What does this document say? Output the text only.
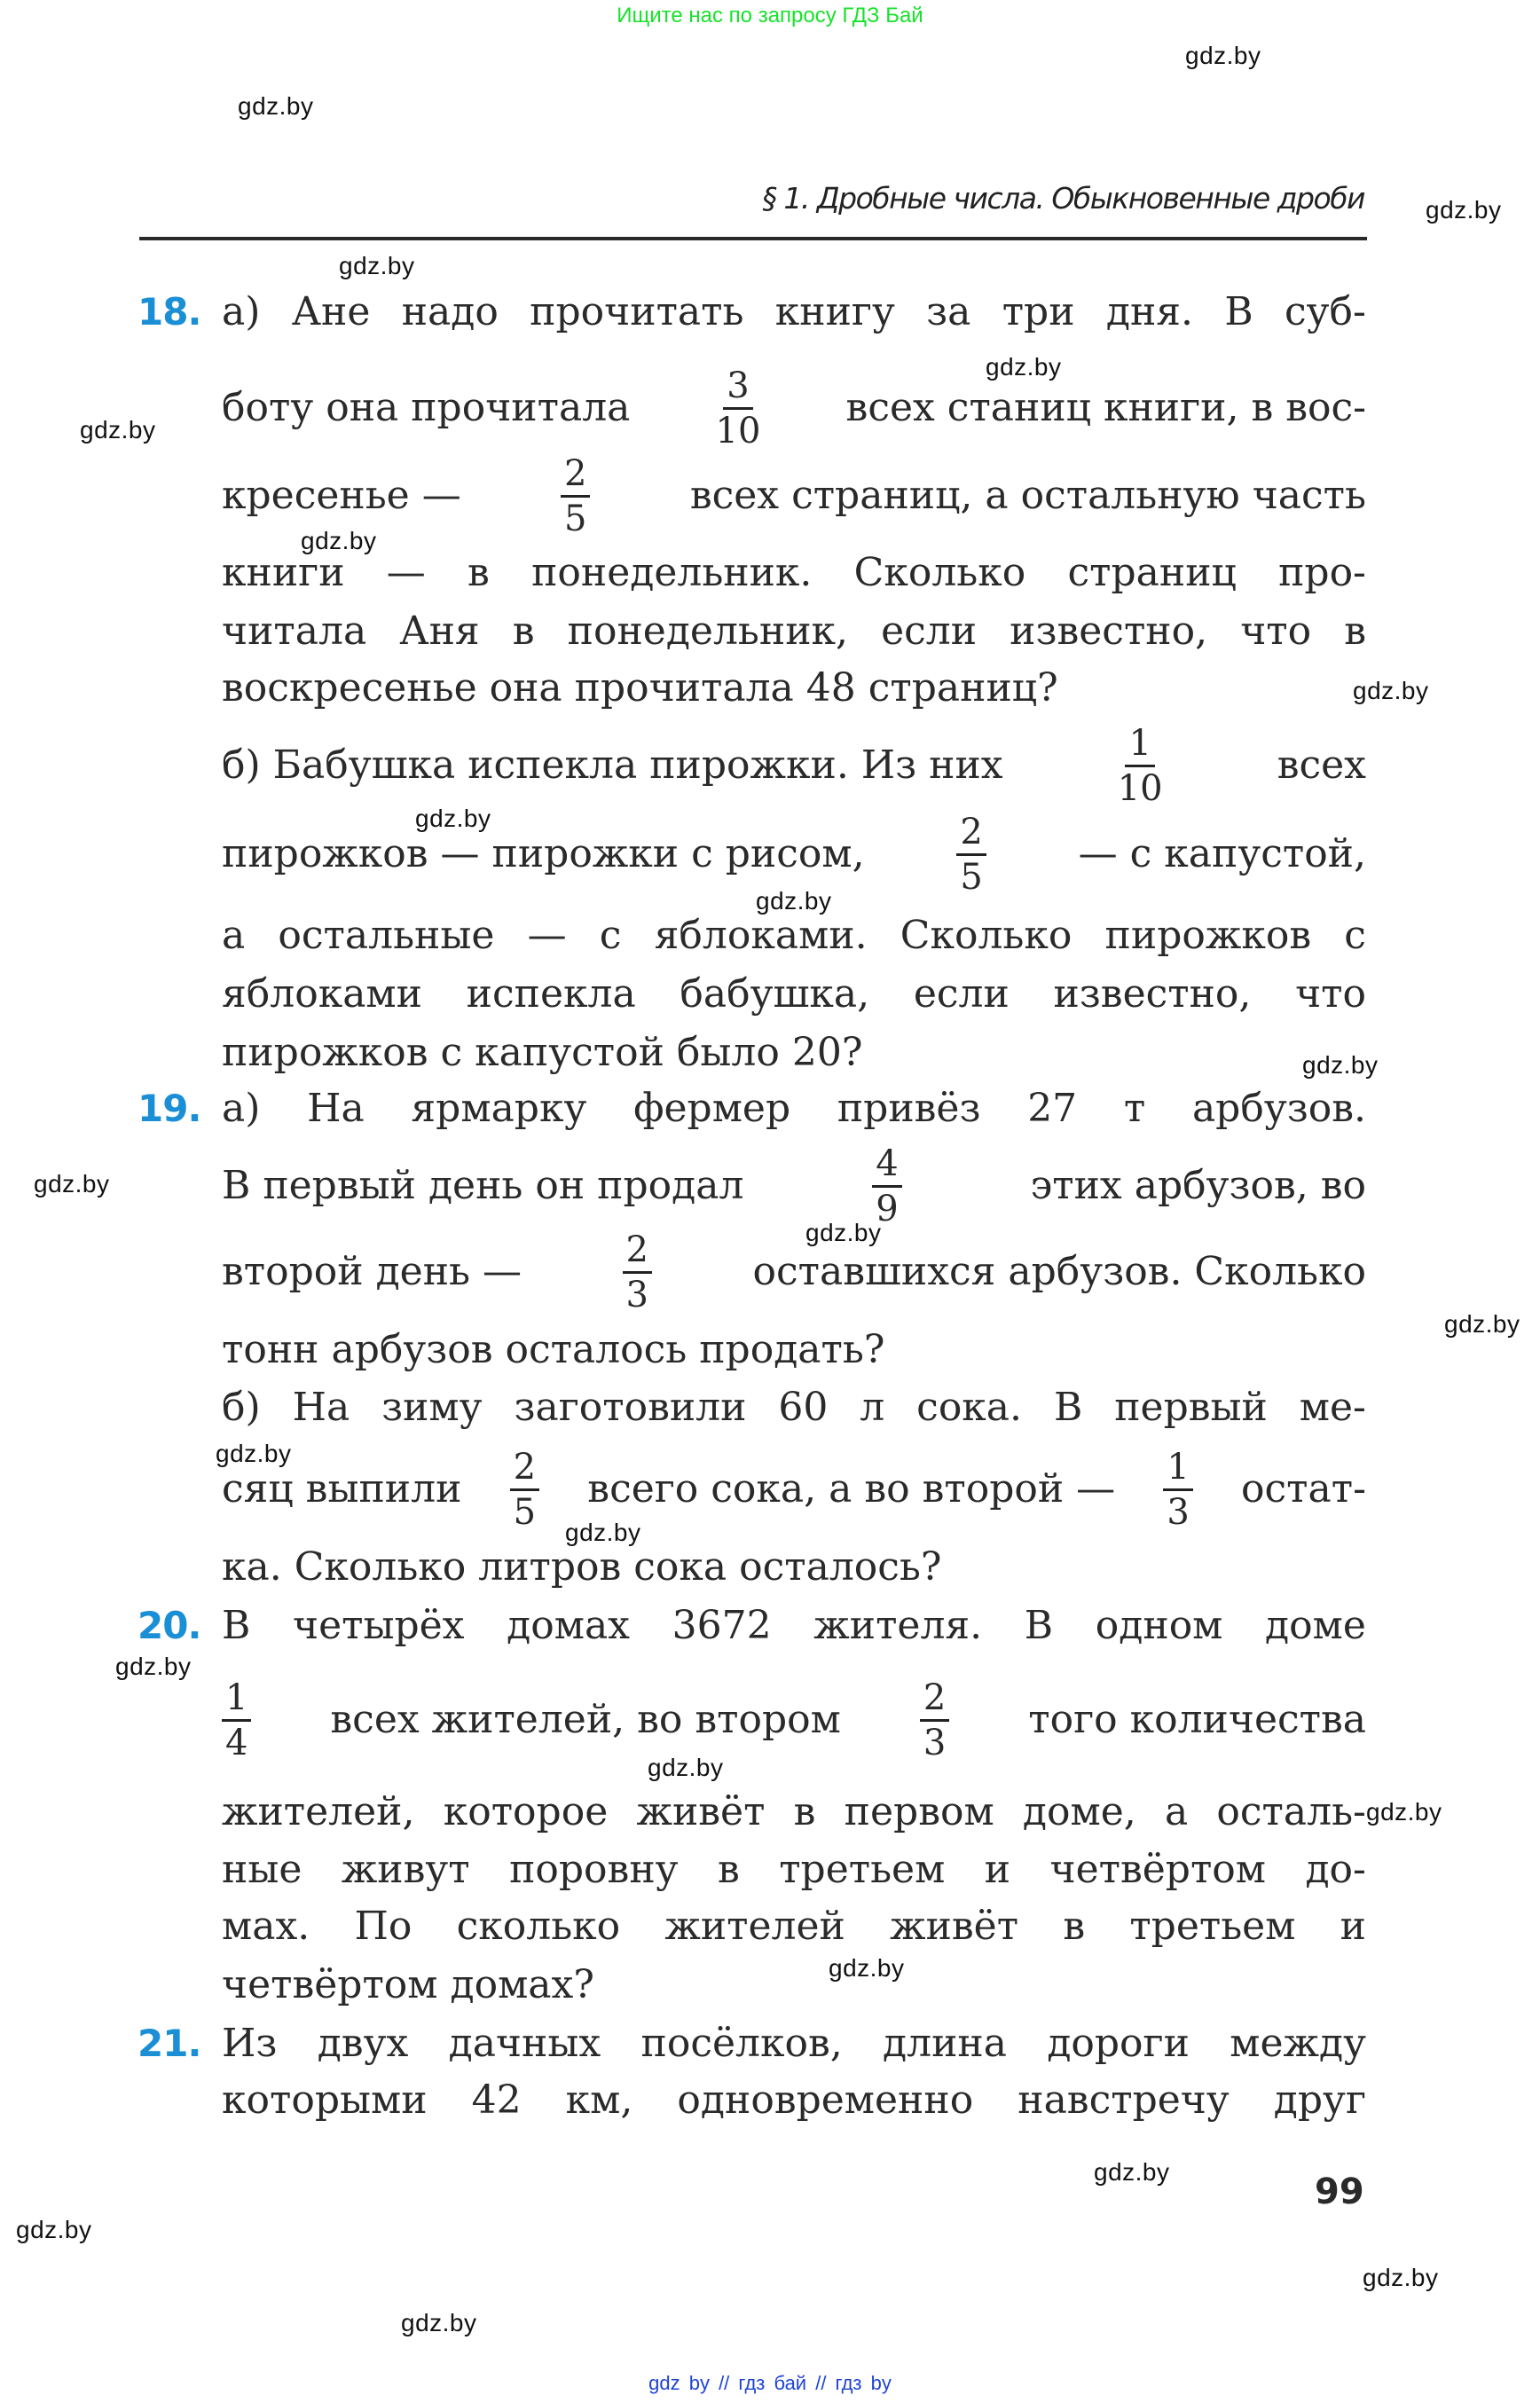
Ищите нас по запросу ГДЗ Бай
gdz.by
gdz.by
gdz.by
gdz.by
gdz.by
gdz.by
gdz.by
gdz.by
gdz.by
gdz.by
gdz.by
gdz.by
gdz.by
gdz.by
gdz.by
gdz.by
gdz.by
gdz.by
gdz.by
gdz.by
gdz.by
gdz.by
gdz.by
gdz.by
§ 1. Дробные числа. Обыкновенные дроби
18. а) Ане надо прочитать книгу за три дня. В суб-
боту она прочитала $\frac{3}{10}$ всех станиц книги, в вос-
кресенье —	$\frac{2}{5}$	всех страниц, а остальную часть
книги — в понедельник. Сколько страниц про-
читала Аня в понедельник, если известно, что в
воскресенье она прочитала 48 страниц?
б) Бабушка испекла пирожки. Из них	$\frac{1}{10}$	всех
пирожков — пирожки с рисом,	$\frac{2}{5}$ — с капустой,
а остальные — с яблоками. Сколько пирожков с
яблоками испекла бабушка, если известно, что
пирожков с капустой было 20?
19. а) На ярмарку фермер привёз 27 т арбузов.
В первый день он продал	$\frac{4}{9}$	этих арбузов, во
второй день —	$\frac{2}{3}$	оставшихся арбузов. Сколько
тонн арбузов осталось продать?
б) На зиму заготовили 60 л сока. В первый ме-
сяц выпили $\frac{2}{5}$ всего сока, а во второй — $\frac{1}{3}$ остат-
ка. Сколько литров сока осталось?
20. В четырёх домах 3672 жителя. В одном доме
$\frac{1}{4}$ всех жителей, во втором $\frac{2}{3}$ того количества
жителей, которое живёт в первом доме, а осталь-
ные живут поровну в третьем и четвёртом до-
мах. По сколько жителей живёт в третьем и
четвёртом домах?
21. Из двух дачных посёлков, длина дороги между
которыми 42 км, одновременно навстречу друг
99
gdz by // гдз бай // гдз by
